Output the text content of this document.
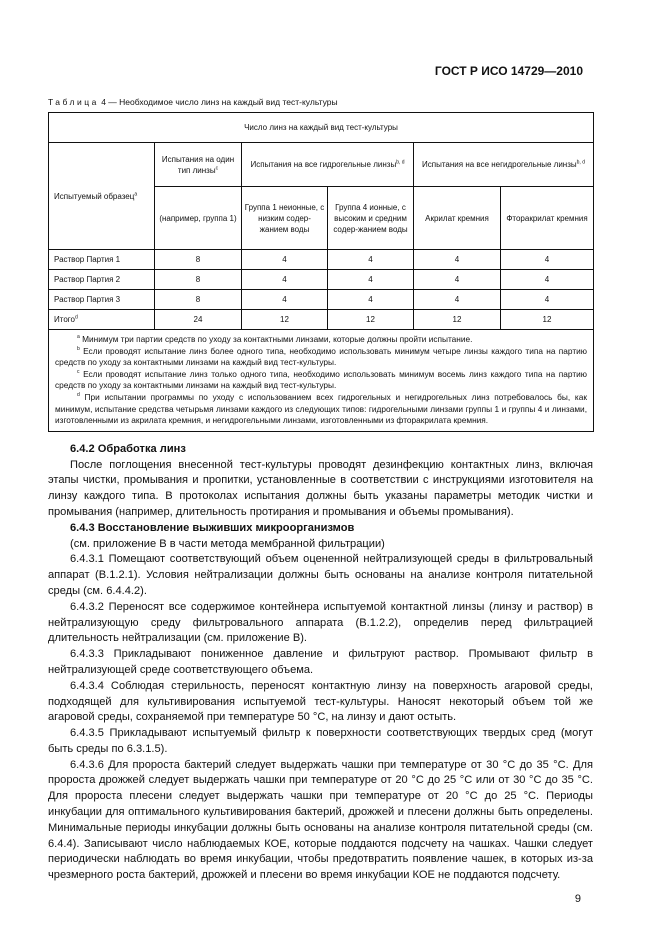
ГОСТ Р ИСО 14729—2010
Таблица 4 — Необходимое число линз на каждый вид тест-культуры
Число линз на каждый вид тест-культуры					
Испытуемый образец$^a$	Испытания на один тип линзы$^c$	Испытания на все гидрогельные линзы$^{b, d}$		Испытания на все негидрогельные линзы$^{b, d}$
	(например, группа 1)	Группа 1 неионные, с низким содер-жанием воды	Группа 4 ионные, с высоким и средним содер-жанием воды	Акрилат кремния	Фторакрилат кремния
Раствор Партия 1	8	4	4	4	4
Раствор Партия 2	8	4	4	4	4
Раствор Партия 3	8	4	4	4	4
Итого$^d$	24	12	12	12	12

$^a$ Минимум три партии средств по уходу за контактными линзами, которые должны пройти испытание.

$^b$ Если проводят испытание линз более одного типа, необходимо использовать минимум четыре линзы каждого типа на партию средств по уходу за контактными линзами на каждый вид тест-культуры.

$^c$ Если проводят испытание линз только одного типа, необходимо использовать минимум восемь линз каждого типа на партию средств по уходу за контактными линзами на каждый вид тест-культуры.

$^d$ При испытании программы по уходу с использованием всех гидрогельных и негидрогельных линз потребовалось бы, как минимум, испытание средства четырьмя линзами каждого из следующих типов: гидрогельными линзами группы 1 и группы 4 и линзами, изготовленными из акрилата кремния, и негидрогельными линзами, изготовленными из фторакрилата кремния.					

6.4.2 Обработка линз

После поглощения внесенной тест-культуры проводят дезинфекцию контактных линз, включая этапы чистки, промывания и пропитки, установленные в соответствии с инструкциями изготовителя на линзу каждого типа. В протоколах испытания должны быть указаны параметры методик чистки и промывания (например, длительность протирания и промывания и объемы промывания).

6.4.3 Восстановление выживших микроорганизмов

(см. приложение В в части метода мембранной фильтрации)

6.4.3.1 Помещают соответствующий объем оцененной нейтрализующей среды в фильтровальный аппарат (В.1.2.1). Условия нейтрализации должны быть основаны на анализе контроля питательной среды (см. 6.4.4.2).

6.4.3.2 Переносят все содержимое контейнера испытуемой контактной линзы (линзу и раствор) в нейтрализующую среду фильтровального аппарата (В.1.2.2), определив перед фильтрацией длительность нейтрализации (см. приложение В).

6.4.3.3 Прикладывают пониженное давление и фильтруют раствор. Промывают фильтр в нейтрализующей среде соответствующего объема.

6.4.3.4 Соблюдая стерильность, переносят контактную линзу на поверхность агаровой среды, подходящей для культивирования испытуемой тест-культуры. Наносят некоторый объем той же агаровой среды, сохраняемой при температуре 50 °С, на линзу и дают остыть.

6.4.3.5 Прикладывают испытуемый фильтр к поверхности соответствующих твердых сред (могут быть среды по 6.3.1.5).

6.4.3.6 Для пророста бактерий следует выдержать чашки при температуре от 30 °С до 35 °С. Для пророста дрожжей следует выдержать чашки при температуре от 20 °С до 25 °С или от 30 °С до 35 °С. Для пророста плесени следует выдержать чашки при температуре от 20 °С до 25 °С. Периоды инкубации для оптимального культивирования бактерий, дрожжей и плесени должны быть определены. Минимальные периоды инкубации должны быть основаны на анализе контроля питательной среды (см. 6.4.4). Записывают число наблюдаемых КОЕ, которые поддаются подсчету на чашках. Чашки следует периодически наблюдать во время инкубации, чтобы предотвратить появление чашек, в которых из-за чрезмерного роста бактерий, дрожжей и плесени во время инкубации КОЕ не поддаются подсчету.

9
